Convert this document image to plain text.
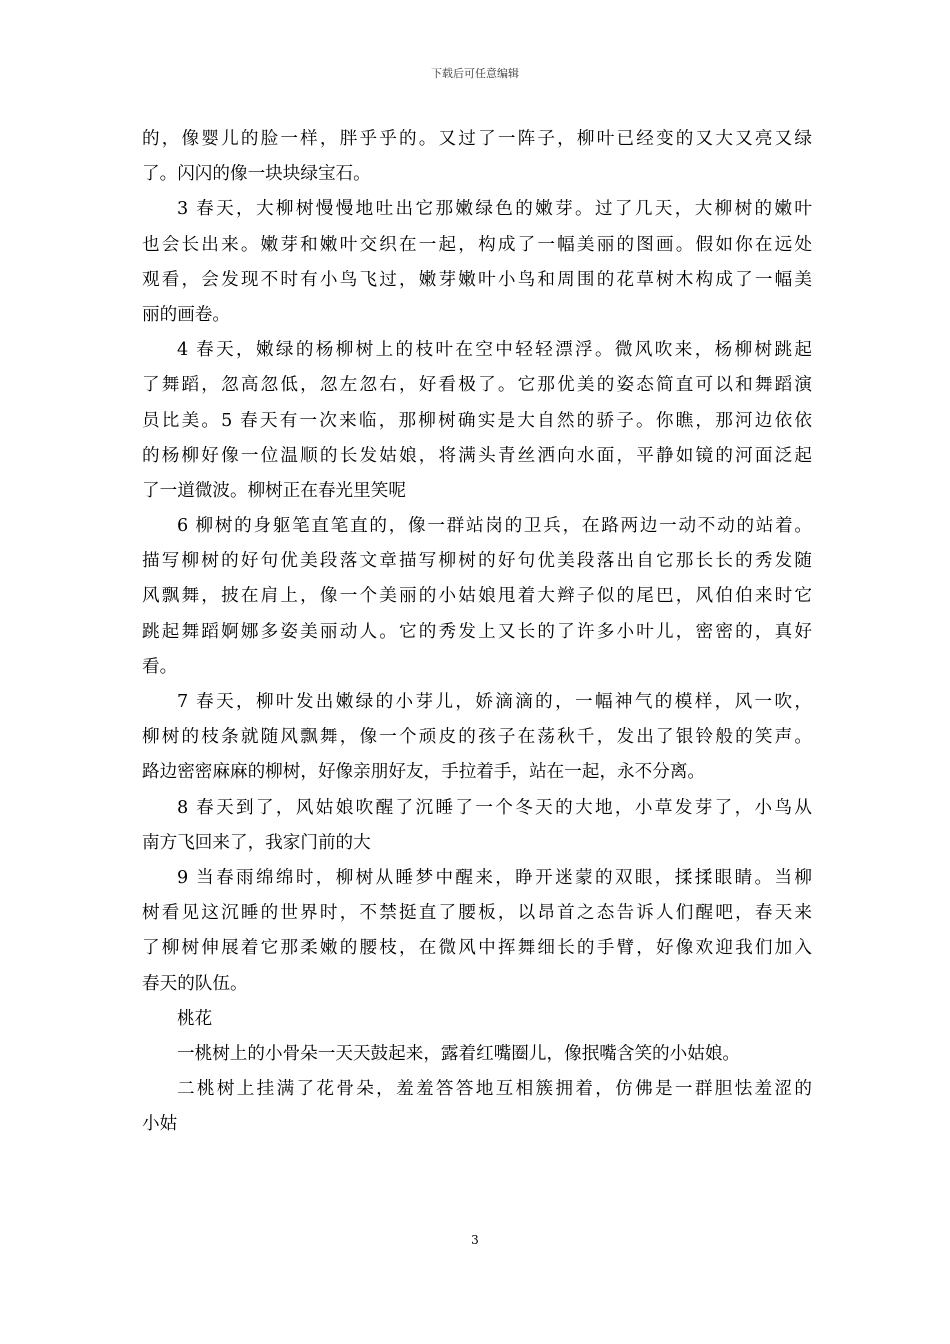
下载后可任意编辑
的，像婴儿的脸一样，胖乎乎的。又过了一阵子，柳叶已经变的又大又亮又绿
了。闪闪的像一块块绿宝石。
3 春天，大柳树慢慢地吐出它那嫩绿色的嫩芽。过了几天，大柳树的嫩叶
也会长出来。嫩芽和嫩叶交织在一起，构成了一幅美丽的图画。假如你在远处
观看，会发现不时有小鸟飞过，嫩芽嫩叶小鸟和周围的花草树木构成了一幅美
丽的画卷。
4 春天，嫩绿的杨柳树上的枝叶在空中轻轻漂浮。微风吹来，杨柳树跳起
了舞蹈，忽高忽低，忽左忽右，好看极了。它那优美的姿态简直可以和舞蹈演
员比美。5 春天有一次来临，那柳树确实是大自然的骄子。你瞧，那河边依依
的杨柳好像一位温顺的长发姑娘，将满头青丝洒向水面，平静如镜的河面泛起
了一道微波。柳树正在春光里笑呢
6 柳树的身躯笔直笔直的，像一群站岗的卫兵，在路两边一动不动的站着。
描写柳树的好句优美段落文章描写柳树的好句优美段落出自它那长长的秀发随
风飘舞，披在肩上，像一个美丽的小姑娘甩着大辫子似的尾巴，风伯伯来时它
跳起舞蹈婀娜多姿美丽动人。它的秀发上又长的了许多小叶儿，密密的，真好
看。
7 春天，柳叶发出嫩绿的小芽儿，娇滴滴的，一幅神气的模样，风一吹，
柳树的枝条就随风飘舞，像一个顽皮的孩子在荡秋千，发出了银铃般的笑声。
路边密密麻麻的柳树，好像亲朋好友，手拉着手，站在一起，永不分离。
8 春天到了，风姑娘吹醒了沉睡了一个冬天的大地，小草发芽了，小鸟从
南方飞回来了，我家门前的大
9 当春雨绵绵时，柳树从睡梦中醒来，睁开迷蒙的双眼，揉揉眼睛。当柳
树看见这沉睡的世界时，不禁挺直了腰板，以昂首之态告诉人们醒吧，春天来
了柳树伸展着它那柔嫩的腰枝，在微风中挥舞细长的手臂，好像欢迎我们加入
春天的队伍。
桃花
一桃树上的小骨朵一天天鼓起来，露着红嘴圈儿，像抿嘴含笑的小姑娘。
二桃树上挂满了花骨朵，羞羞答答地互相簇拥着，仿佛是一群胆怯羞涩的
小姑
3
